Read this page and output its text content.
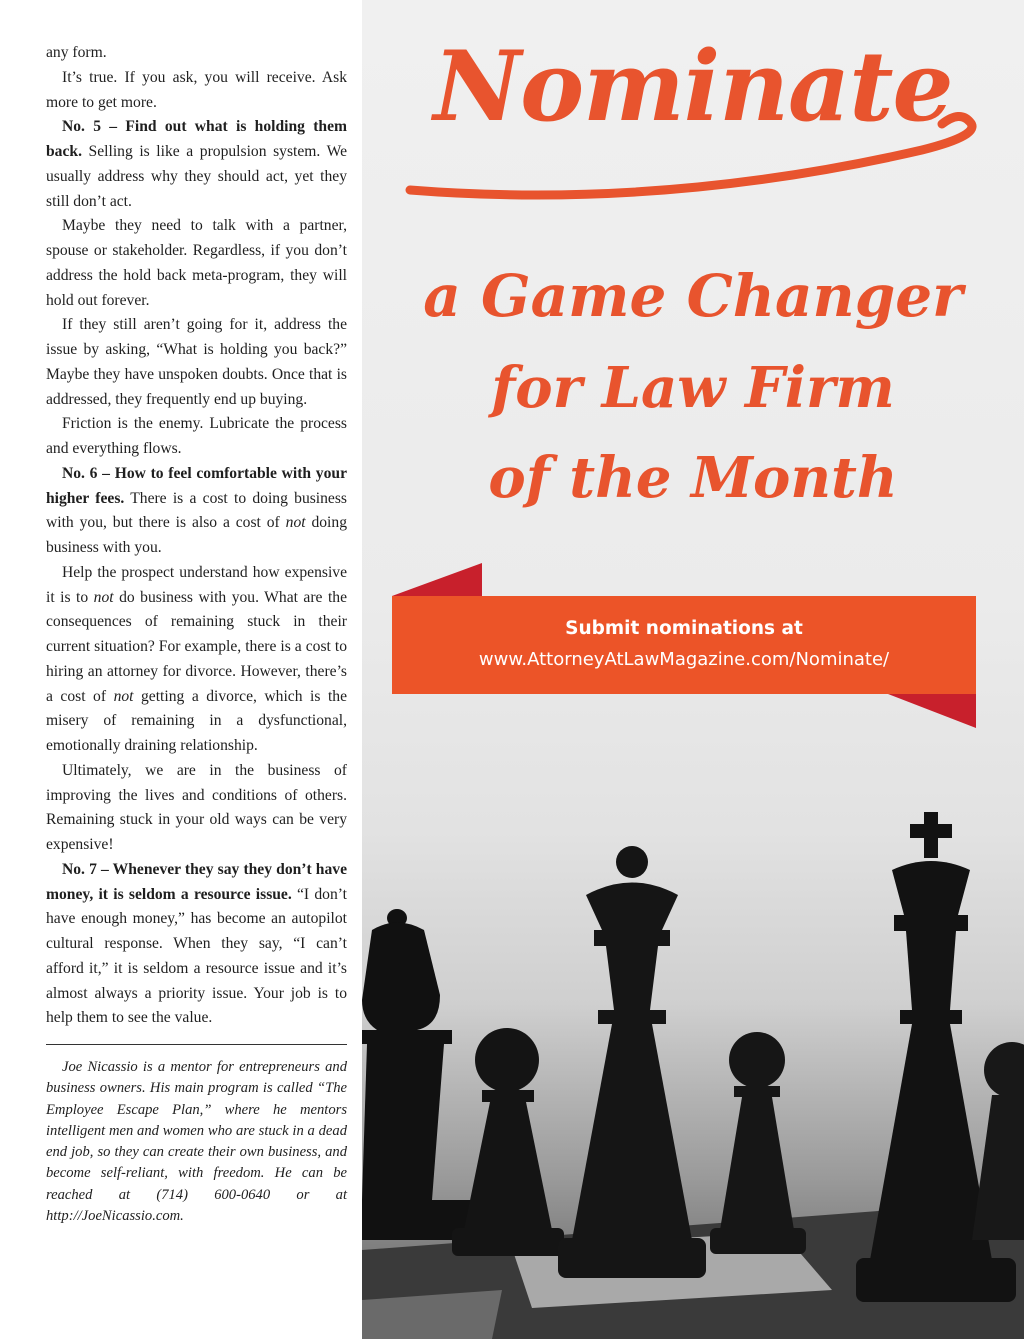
any form.

It’s true. If you ask, you will receive. Ask more to get more.

No. 5 – Find out what is holding them back. Selling is like a propulsion system. We usually address why they should act, yet they still don’t act.

Maybe they need to talk with a partner, spouse or stakeholder. Regardless, if you don’t address the hold back meta-program, they will hold out forever.

If they still aren’t going for it, address the issue by asking, “What is holding you back?” Maybe they have unspoken doubts. Once that is addressed, they frequently end up buying.

Friction is the enemy. Lubricate the process and everything flows.

No. 6 – How to feel comfortable with your higher fees. There is a cost to doing business with you, but there is also a cost of not doing business with you.

Help the prospect understand how expensive it is to not do business with you. What are the consequences of remaining stuck in their current situation? For example, there is a cost to hiring an attorney for divorce. However, there’s a cost of not getting a divorce, which is the misery of remaining in a dysfunctional, emotionally draining relationship.

Ultimately, we are in the business of improving the lives and conditions of others. Remaining stuck in your old ways can be very expensive!

No. 7 – Whenever they say they don’t have money, it is seldom a resource issue. “I don’t have enough money,” has become an autopilot cultural response. When they say, “I can’t afford it,” it is seldom a resource issue and it’s almost always a priority issue. Your job is to help them to see the value.

Joe Nicassio is a mentor for entrepreneurs and business owners. His main program is called “The Employee Escape Plan,” where he mentors intelligent men and women who are stuck in a dead end job, so they can create their own business, and become self-reliant, with freedom. He can be reached at (714) 600-0640 or at http://JoeNicassio.com.

Nominate
a Game Changer
for Law Firm
of the Month
Submit nominations at
www.AttorneyAtLawMagazine.com/Nominate/
